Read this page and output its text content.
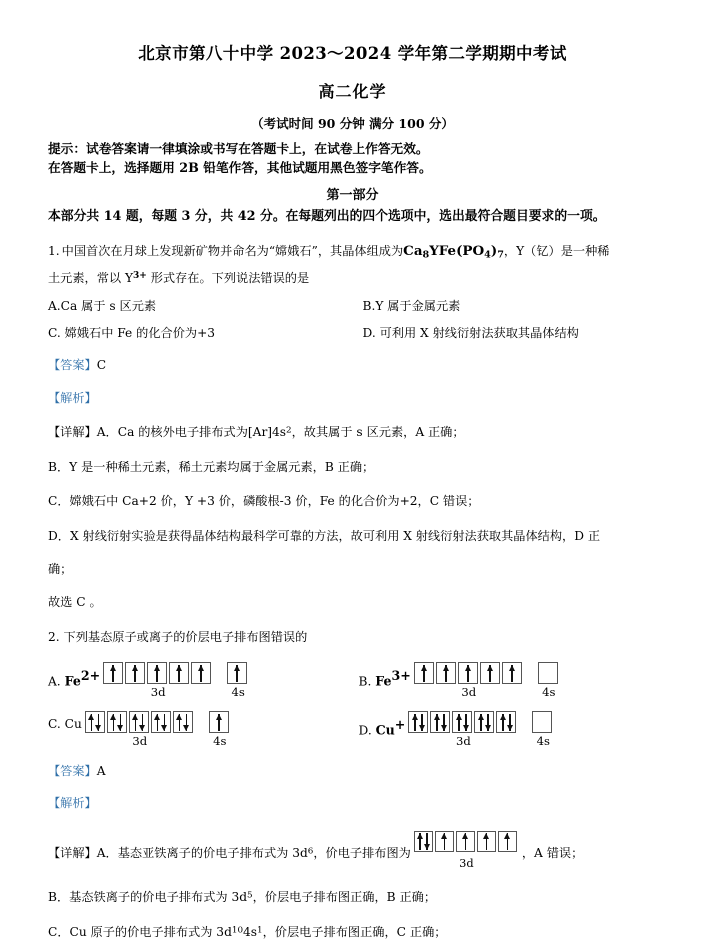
北京市第八十中学 2023～2024 学年第二学期期中考试
高二化学
（考试时间 90 分钟 满分 100 分）
提示：试卷答案请一律填涂或书写在答题卡上，在试卷上作答无效。
在答题卡上，选择题用 2B 铅笔作答，其他试题用黑色签字笔作答。
第一部分
本部分共 14 题，每题 3 分，共 42 分。在每题列出的四个选项中，选出最符合题目要求的一项。
1. 中国首次在月球上发现新矿物并命名为“嫦娥石”，其晶体组成为$Ca_8YFe(PO_4)_7$，Y（钇）是一种稀
土元素，常以 $Y^{3+}$ 形式存在。下列说法错误的是
A.Ca 属于 s 区元素	B.Y 属于金属元素
C. 嫦娥石中 Fe 的化合价为+3	D. 可利用 X 射线衍射法获取其晶体结构
【答案】C
【解析】
【详解】A．Ca 的核外电子排布式为$[Ar]4s^2$，故其属于 s 区元素，A 正确；
B．Y 是一种稀土元素，稀土元素均属于金属元素，B 正确；
C．嫦娥石中 Ca+2 价，Y +3 价，磷酸根-3 价，Fe 的化合价为+2，C 错误；
D．X 射线衍射实验是获得晶体结构最科学可靠的方法，故可利用 X 射线衍射法获取其晶体结构，D 正
确；
故选 C 。
2. 下列基态原子或离子的价层电子排布图错误的
A. $Fe^{2+}$
3d	4s
B. $Fe^{3+}$
3d	4s
C. Cu
3d	4s
D. Cu+
3d	4s
【答案】A
【解析】
【详解】A．基态亚铁离子的价电子排布式为 $3d^6$，价电子排布图为
3d
，A 错误；
B．基态铁离子的价电子排布式为 $3d^5$，价层电子排布图正确，B 正确；
C．Cu 原子的价电子排布式为 $3d^{10}4s^1$，价层电子排布图正确，C 正确；
